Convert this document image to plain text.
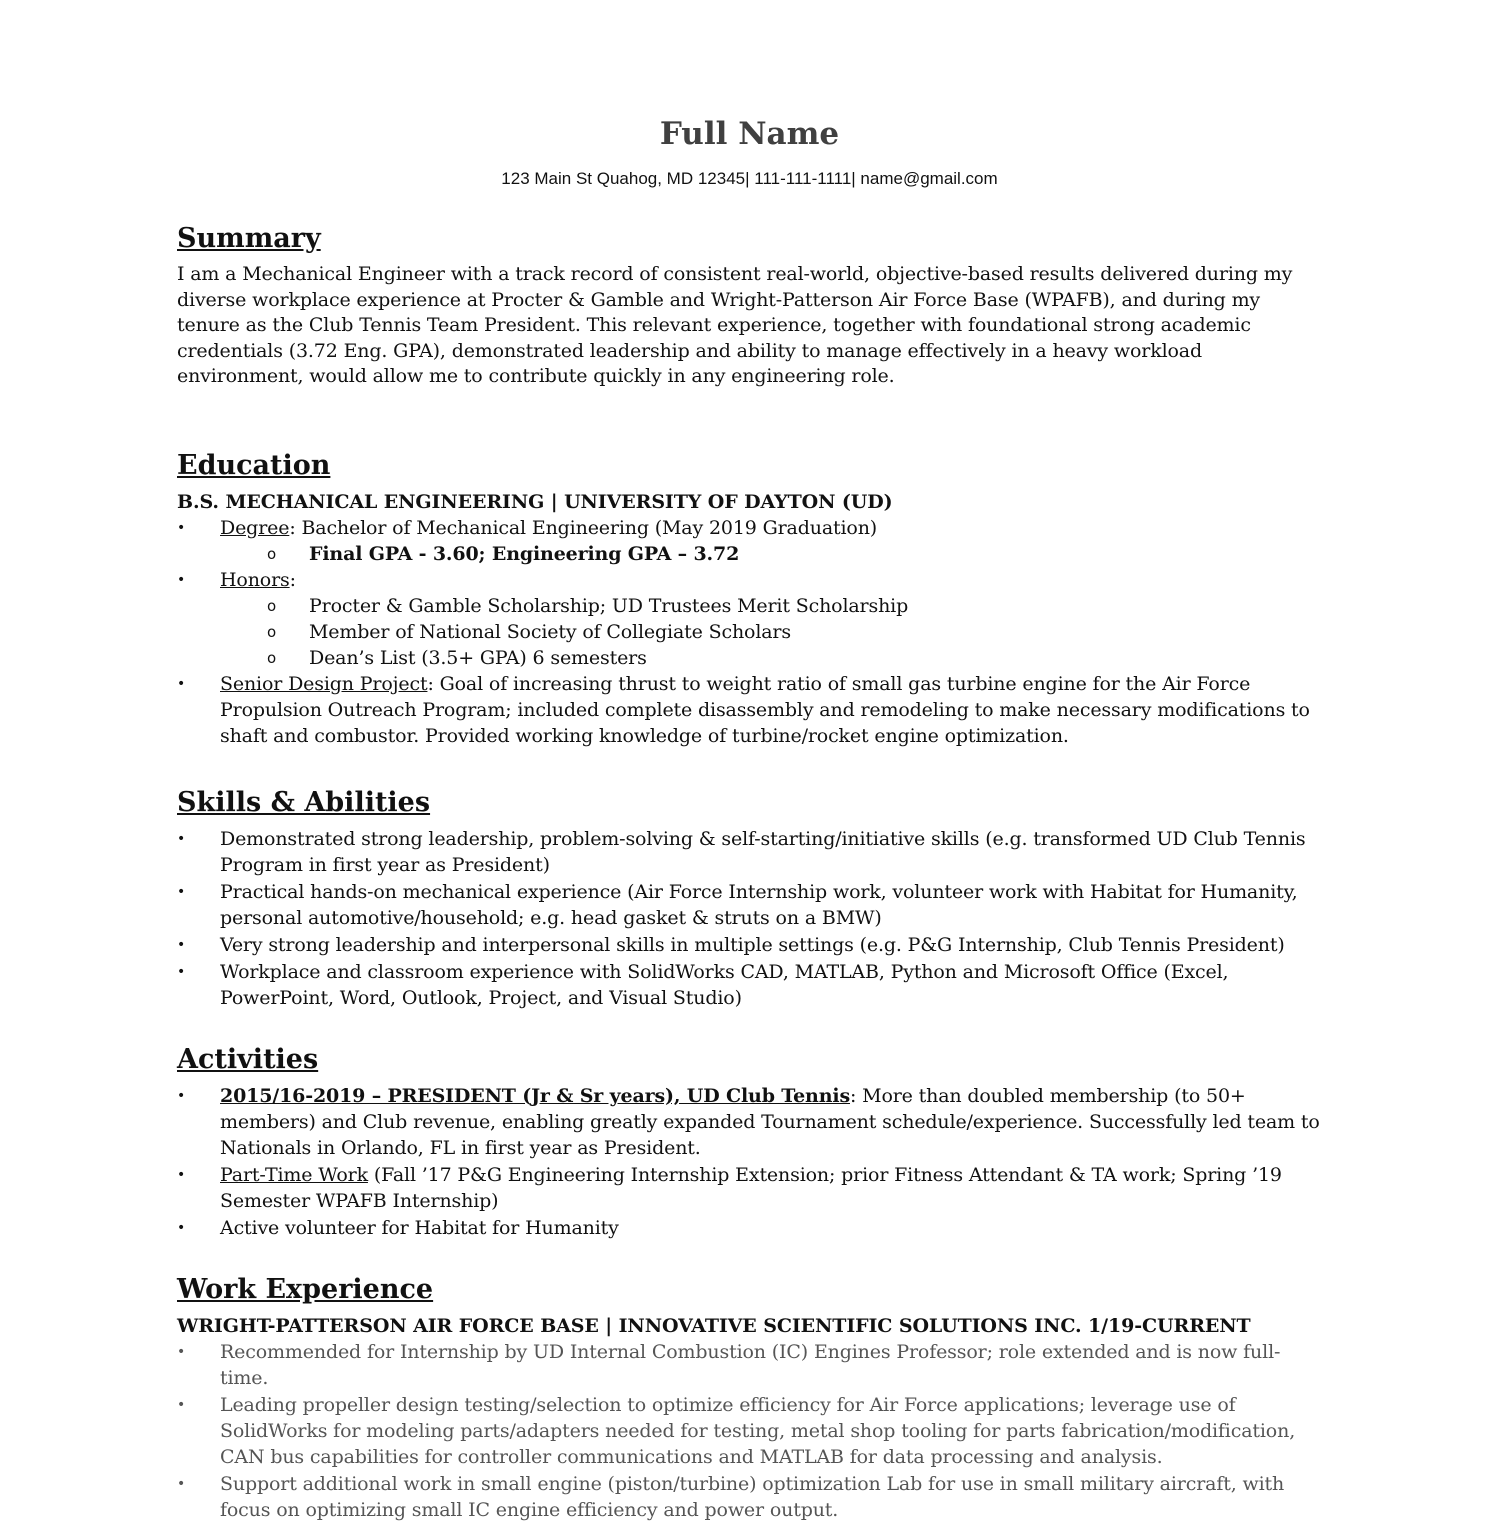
Full Name
123 Main St Quahog, MD 12345| 111-111-1111| name@gmail.com
Summary
I am a Mechanical Engineer with a track record of consistent real-world, objective-based results delivered during my diverse workplace experience at Procter & Gamble and Wright-Patterson Air Force Base (WPAFB), and during my tenure as the Club Tennis Team President. This relevant experience, together with foundational strong academic credentials (3.72 Eng. GPA), demonstrated leadership and ability to manage effectively in a heavy workload environment, would allow me to contribute quickly in any engineering role.
Education
B.S. MECHANICAL ENGINEERING | UNIVERSITY OF DAYTON (UD)
• Degree: Bachelor of Mechanical Engineering (May 2019 Graduation)
o Final GPA - 3.60; Engineering GPA – 3.72
• Honors:
o Procter & Gamble Scholarship; UD Trustees Merit Scholarship
o Member of National Society of Collegiate Scholars
o Dean’s List (3.5+ GPA) 6 semesters
• Senior Design Project: Goal of increasing thrust to weight ratio of small gas turbine engine for the Air Force Propulsion Outreach Program; included complete disassembly and remodeling to make necessary modifications to shaft and combustor. Provided working knowledge of turbine/rocket engine optimization.
Skills & Abilities
• Demonstrated strong leadership, problem-solving & self-starting/initiative skills (e.g. transformed UD Club Tennis Program in first year as President)
• Practical hands-on mechanical experience (Air Force Internship work, volunteer work with Habitat for Humanity, personal automotive/household; e.g. head gasket & struts on a BMW)
• Very strong leadership and interpersonal skills in multiple settings (e.g. P&G Internship, Club Tennis President)
• Workplace and classroom experience with SolidWorks CAD, MATLAB, Python and Microsoft Office (Excel, PowerPoint, Word, Outlook, Project, and Visual Studio)
Activities
• 2015/16-2019 – PRESIDENT (Jr & Sr years), UD Club Tennis: More than doubled membership (to 50+ members) and Club revenue, enabling greatly expanded Tournament schedule/experience. Successfully led team to Nationals in Orlando, FL in first year as President.
• Part-Time Work (Fall ’17 P&G Engineering Internship Extension; prior Fitness Attendant & TA work; Spring ’19 Semester WPAFB Internship)
• Active volunteer for Habitat for Humanity
Work Experience
WRIGHT-PATTERSON AIR FORCE BASE | INNOVATIVE SCIENTIFIC SOLUTIONS INC. 1/19-CURRENT
• Recommended for Internship by UD Internal Combustion (IC) Engines Professor; role extended and is now full-time.
• Leading propeller design testing/selection to optimize efficiency for Air Force applications; leverage use of SolidWorks for modeling parts/adapters needed for testing, metal shop tooling for parts fabrication/modification, CAN bus capabilities for controller communications and MATLAB for data processing and analysis.
• Support additional work in small engine (piston/turbine) optimization Lab for use in small military aircraft, with focus on optimizing small IC engine efficiency and power output.
